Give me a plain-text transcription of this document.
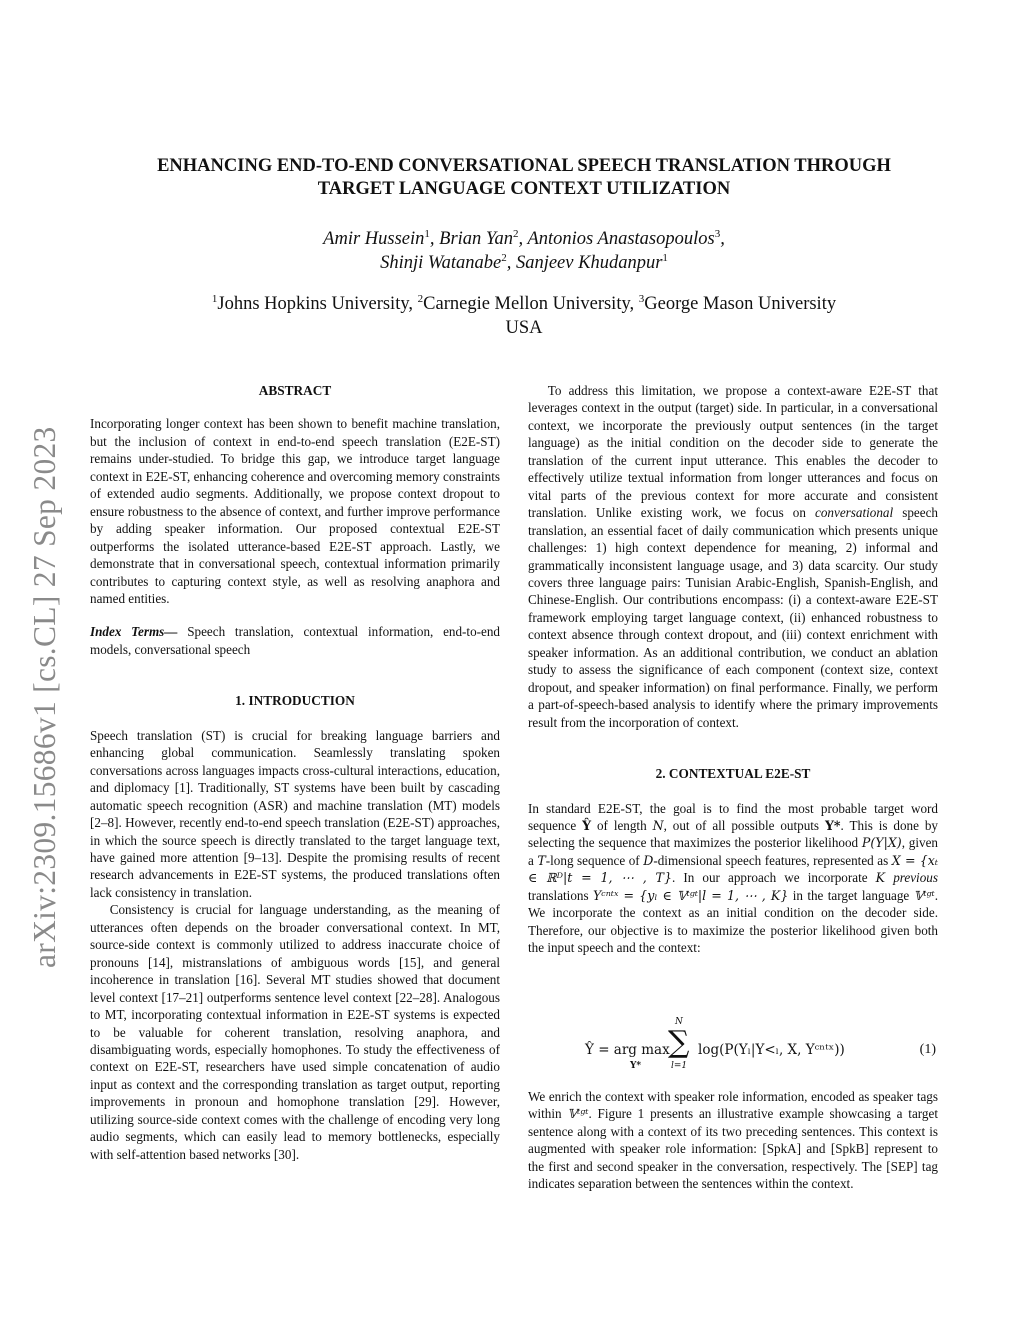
arXiv:2309.15686v1 [cs.CL] 27 Sep 2023
ENHANCING END-TO-END CONVERSATIONAL SPEECH TRANSLATION THROUGH
TARGET LANGUAGE CONTEXT UTILIZATION
Amir Hussein$^1$, Brian Yan$^2$, Antonios Anastasopoulos$^3$,
Shinji Watanabe$^2$, Sanjeev Khudanpur$^1$
$^1$Johns Hopkins University, $^2$Carnegie Mellon University, $^3$George Mason University
USA

ABSTRACT

Incorporating longer context has been shown to benefit machine translation, but the inclusion of context in end-to-end speech translation (E2E-ST) remains under-studied. To bridge this gap, we introduce target language context in E2E-ST, enhancing coherence and overcoming memory constraints of extended audio segments. Additionally, we propose context dropout to ensure robustness to the absence of context, and further improve performance by adding speaker information. Our proposed contextual E2E-ST outperforms the isolated utterance-based E2E-ST approach. Lastly, we demonstrate that in conversational speech, contextual information primarily contributes to capturing context style, as well as resolving anaphora and named entities.

Index Terms— Speech translation, contextual information, end-to-end models, conversational speech

1. INTRODUCTION

Speech translation (ST) is crucial for breaking language barriers and enhancing global communication. Seamlessly translating spoken conversations across languages impacts cross-cultural interactions, education, and diplomacy [1]. Traditionally, ST systems have been built by cascading automatic speech recognition (ASR) and machine translation (MT) models [2–8]. However, recently end-to-end speech translation (E2E-ST) approaches, in which the source speech is directly translated to the target language text, have gained more attention [9–13]. Despite the promising results of recent research advancements in E2E-ST systems, the produced translations often lack consistency in translation.

Consistency is crucial for language understanding, as the meaning of utterances often depends on the broader conversational context. In MT, source-side context is commonly utilized to address inaccurate choice of pronouns [14], mistranslations of ambiguous words [15], and general incoherence in translation [16]. Several MT studies showed that document level context [17–21] outperforms sentence level context [22–28]. Analogous to MT, incorporating contextual information in E2E-ST systems is expected to be valuable for coherent translation, resolving anaphora, and disambiguating words, especially homophones. To study the effectiveness of context on E2E-ST, researchers have used simple concatenation of audio input as context and the corresponding translation as target output, reporting improvements in pronoun and homophone translation [29]. However, utilizing source-side context comes with the challenge of encoding very long audio segments, which can easily lead to memory bottlenecks, especially with self-attention based networks [30].

To address this limitation, we propose a context-aware E2E-ST that leverages context in the output (target) side. In particular, in a conversational context, we incorporate the previously output sentences (in the target language) as the initial condition on the decoder side to generate the translation of the current input utterance. This enables the decoder to effectively utilize textual information from longer utterances and focus on vital parts of the previous context for more accurate and consistent translation. Unlike existing work, we focus on conversational speech translation, an essential facet of daily communication which presents unique challenges: 1) high context dependence for meaning, 2) informal and grammatically inconsistent language usage, and 3) data scarcity. Our study covers three language pairs: Tunisian Arabic-English, Spanish-English, and Chinese-English. Our contributions encompass: (i) a context-aware E2E-ST framework employing target language context, (ii) enhanced robustness to context absence through context dropout, and (iii) context enrichment with speaker information. As an additional contribution, we conduct an ablation study to assess the significance of each component (context size, context dropout, and speaker information) on final performance. Finally, we perform a part-of-speech-based analysis to identify where the primary improvements result from the incorporation of context.

2. CONTEXTUAL E2E-ST

In standard E2E-ST, the goal is to find the most probable target word sequence Ŷ of length N, out of all possible outputs Y*. This is done by selecting the sequence that maximizes the posterior likelihood P(Y|X), given a T-long sequence of D-dimensional speech features, represented as X = {xₜ ∈ ℝᴰ|t = 1, ⋯ , T}. In our approach we incorporate K previous translations Yᶜⁿᵗˣ = {yₗ ∈ 𝕍ᵗᵍᵗ|l = 1, ⋯ , K} in the target language 𝕍ᵗᵍᵗ. We incorporate the context as an initial condition on the decoder side. Therefore, our objective is to maximize the posterior likelihood given both the input speech and the context:

Ŷ = arg max
Y*
N
∑
l=1
log(P(Yₗ|Y<ₗ, X, Yᶜⁿᵗˣ))	(1)

We enrich the context with speaker role information, encoded as speaker tags within 𝕍ᵗᵍᵗ. Figure 1 presents an illustrative example showcasing a target sentence along with a context of its two preceding sentences. This context is augmented with speaker role information: [SpkA] and [SpkB] represent to the first and second speaker in the conversation, respectively. The [SEP] tag indicates separation between the sentences within the context.
